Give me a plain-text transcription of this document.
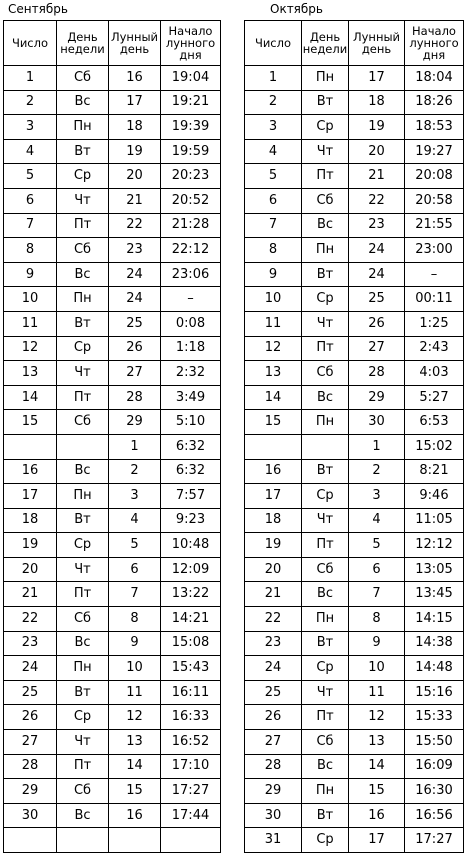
Сентябрь
Число	День недели	Лунный день	Начало лунного дня
1	Сб	16	19:04
2	Вс	17	19:21
3	Пн	18	19:39
4	Вт	19	19:59
5	Ср	20	20:23
6	Чт	21	20:52
7	Пт	22	21:28
8	Сб	23	22:12
9	Вс	24	23:06
10	Пн	24	–
11	Вт	25	0:08
12	Ср	26	1:18
13	Чт	27	2:32
14	Пт	28	3:49
15	Сб	29	5:10
		1	6:32
16	Вс	2	6:32
17	Пн	3	7:57
18	Вт	4	9:23
19	Ср	5	10:48
20	Чт	6	12:09
21	Пт	7	13:22
22	Сб	8	14:21
23	Вс	9	15:08
24	Пн	10	15:43
25	Вт	11	16:11
26	Ср	12	16:33
27	Чт	13	16:52
28	Пт	14	17:10
29	Сб	15	17:27
30	Вс	16	17:44

Октябрь
Число	День недели	Лунный день	Начало лунного дня
1	Пн	17	18:04
2	Вт	18	18:26
3	Ср	19	18:53
4	Чт	20	19:27
5	Пт	21	20:08
6	Сб	22	20:58
7	Вс	23	21:55
8	Пн	24	23:00
9	Вт	24	–
10	Ср	25	00:11
11	Чт	26	1:25
12	Пт	27	2:43
13	Сб	28	4:03
14	Вс	29	5:27
15	Пн	30	6:53
		1	15:02
16	Вт	2	8:21
17	Ср	3	9:46
18	Чт	4	11:05
19	Пт	5	12:12
20	Сб	6	13:05
21	Вс	7	13:45
22	Пн	8	14:15
23	Вт	9	14:38
24	Ср	10	14:48
25	Чт	11	15:16
26	Пт	12	15:33
27	Сб	13	15:50
28	Вс	14	16:09
29	Пн	15	16:30
30	Вт	16	16:56
31	Ср	17	17:27
